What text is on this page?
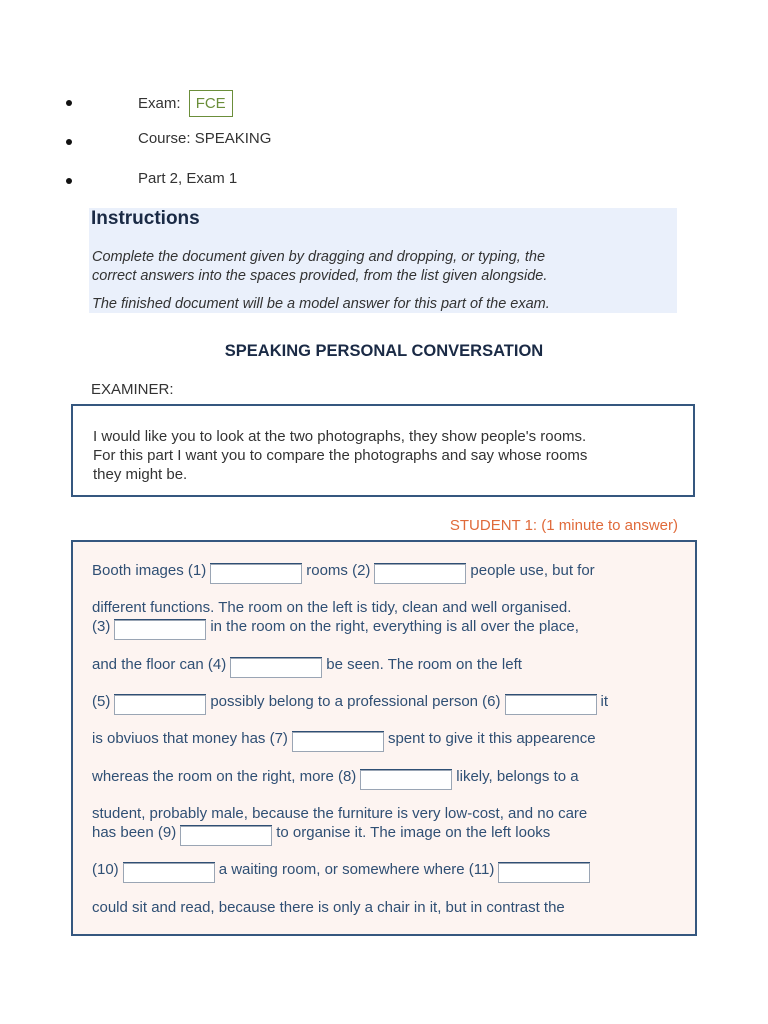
Exam: FCE
Course: SPEAKING
Part 2, Exam 1
Instructions

Complete the document given by dragging and dropping, or typing, the

correct answers into the spaces provided, from the list given alongside.

The finished document will be a model answer for this part of the exam.

SPEAKING PERSONAL CONVERSATION
EXAMINER:

I would like you to look at the two photographs, they show people's rooms.
For this part I want you to compare the photographs and say whose rooms
they might be.

STUDENT 1: (1 minute to answer)
Booth images (1)	rooms (2)	people use, but for
different functions. The room on the left is tidy, clean and well organised.
(3)	in the room on the right, everything is all over the place,
and the floor can (4)	be seen. The room on the left
(5)	possibly belong to a professional person (6)	it
is obviuos that money has (7)	spent to give it this appearence
whereas the room on the right, more (8)	likely, belongs to a
student, probably male, because the furniture is very low-cost, and no care
has been (9)	to organise it. The image on the left looks
(10)	a waiting room, or somewhere where (11)
could sit and read, because there is only a chair in it, but in contrast the
